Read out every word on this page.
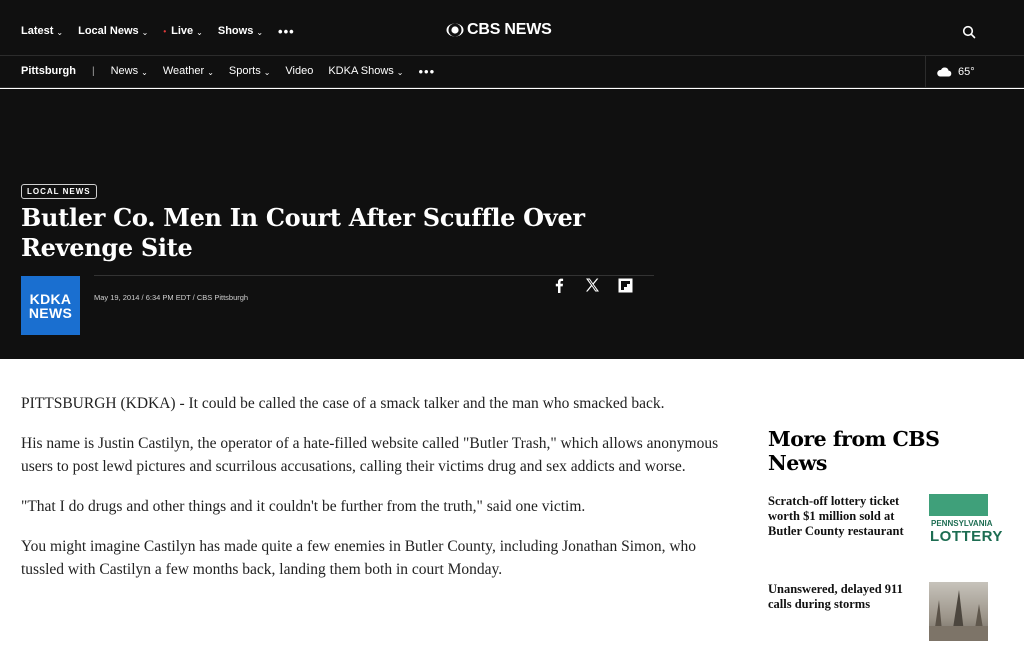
Latest ⌄ Local News ⌄ • Live ⌄ Shows ⌄ •••	CBS NEWS
Pittsburgh | News ⌄ Weather ⌄ Sports ⌄ Video KDKA Shows ⌄ •••	65°
LOCAL NEWS
Butler Co. Men In Court After Scuffle Over Revenge Site
KDKA
NEWS
May 19, 2014 / 6:34 PM EDT / CBS Pittsburgh

PITTSBURGH (KDKA) - It could be called the case of a smack talker and the man who smacked back.

His name is Justin Castilyn, the operator of a hate-filled website called "Butler Trash," which allows anonymous users to post lewd pictures and scurrilous accusations, calling their victims drug and sex addicts and worse.

"That I do drugs and other things and it couldn't be further from the truth," said one victim.

You might imagine Castilyn has made quite a few enemies in Butler County, including Jonathan Simon, who tussled with Castilyn a few months back, landing them both in court Monday.

More from CBS News
Scratch-off lottery ticket worth $1 million sold at Butler County restaurant
PENNSYLVANIA
LOTTERY
Unanswered, delayed 911 calls during storms
